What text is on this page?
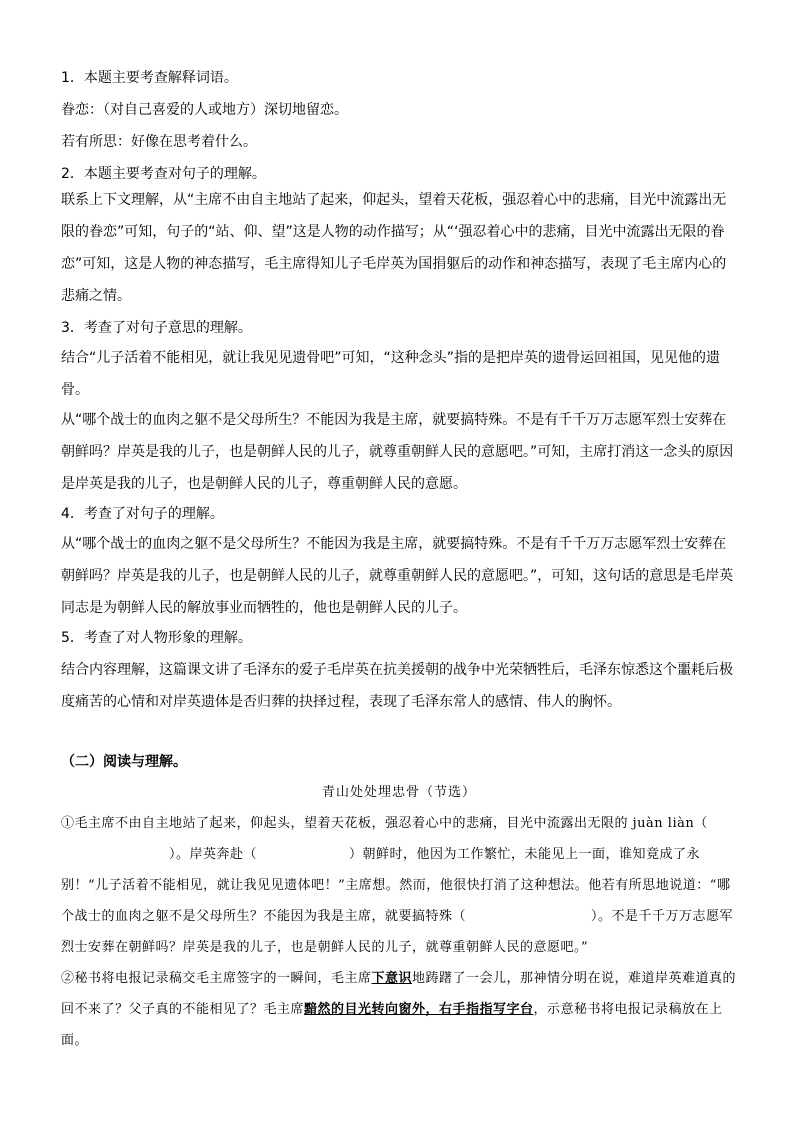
1．本题主要考查解释词语。

眷恋：（对自己喜爱的人或地方）深切地留恋。

若有所思：好像在思考着什么。

2．本题主要考查对句子的理解。

联系上下文理解，从“主席不由自主地站了起来，仰起头，望着天花板，强忍着心中的悲痛，目光中流露出无限的眷恋”可知，句子的“站、仰、望”这是人物的动作描写；从“‘强忍着心中的悲痛，目光中流露出无限的眷恋”可知，这是人物的神态描写，毛主席得知儿子毛岸英为国捐躯后的动作和神态描写，表现了毛主席内心的悲痛之情。

3．考查了对句子意思的理解。

结合“儿子活着不能相见，就让我见见遗骨吧”可知，“这种念头”指的是把岸英的遗骨运回祖国，见见他的遗骨。

从“哪个战士的血肉之躯不是父母所生？不能因为我是主席，就要搞特殊。不是有千千万万志愿军烈士安葬在朝鲜吗？岸英是我的儿子，也是朝鲜人民的儿子，就尊重朝鲜人民的意愿吧。”可知，主席打消这一念头的原因是岸英是我的儿子，也是朝鲜人民的儿子，尊重朝鲜人民的意愿。

4．考查了对句子的理解。

从“哪个战士的血肉之躯不是父母所生？不能因为我是主席，就要搞特殊。不是有千千万万志愿军烈士安葬在朝鲜吗？岸英是我的儿子，也是朝鲜人民的儿子，就尊重朝鲜人民的意愿吧。”，可知，这句话的意思是毛岸英同志是为朝鲜人民的解放事业而牺牲的，他也是朝鲜人民的儿子。

5．考查了对人物形象的理解。

结合内容理解，这篇课文讲了毛泽东的爱子毛岸英在抗美援朝的战争中光荣牺牲后，毛泽东惊悉这个噩耗后极度痛苦的心情和对岸英遗体是否归葬的抉择过程，表现了毛泽东常人的感情、伟人的胸怀。

（二）阅读与理解。

青山处处埋忠骨（节选）

①毛主席不由自主地站了起来，仰起头，望着天花板，强忍着心中的悲痛，目光中流露出无限的 juàn liàn（）。岸英奔赴（	）朝鲜时，他因为工作繁忙，未能见上一面，谁知竟成了永别！“儿子活着不能相见，就让我见见遗体吧！”主席想。然而，他很快打消了这种想法。他若有所思地说道：“哪个战士的血肉之躯不是父母所生？不能因为我是主席，就要搞特殊（	）。不是千千万万志愿军烈士安葬在朝鲜吗？岸英是我的儿子，也是朝鲜人民的儿子，就尊重朝鲜人民的意愿吧。”

②秘书将电报记录稿交毛主席签字的一瞬间，毛主席下意识地踌躇了一会儿，那神情分明在说，难道岸英难道真的回不来了？父子真的不能相见了？毛主席黯然的目光转向窗外，右手指指写字台，示意秘书将电报记录稿放在上面。
